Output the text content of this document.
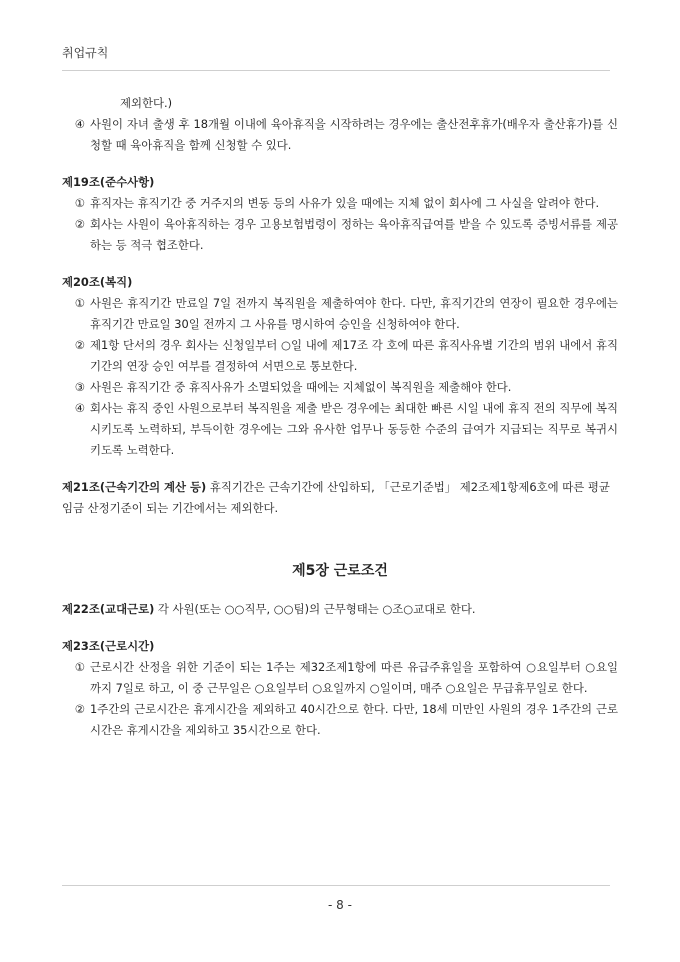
취업규칙
제외한다.)
④ 사원이 자녀 출생 후 18개월 이내에 육아휴직을 시작하려는 경우에는 출산전후휴가(배우자 출산휴가)를 신청할 때 육아휴직을 함께 신청할 수 있다.
제19조(준수사항)
① 휴직자는 휴직기간 중 거주지의 변동 등의 사유가 있을 때에는 지체 없이 회사에 그 사실을 알려야 한다.
② 회사는 사원이 육아휴직하는 경우 고용보험법령이 정하는 육아휴직급여를 받을 수 있도록 증빙서류를 제공하는 등 적극 협조한다.
제20조(복직)
① 사원은 휴직기간 만료일 7일 전까지 복직원을 제출하여야 한다. 다만, 휴직기간의 연장이 필요한 경우에는 휴직기간 만료일 30일 전까지 그 사유를 명시하여 승인을 신청하여야 한다.
② 제1항 단서의 경우 회사는 신청일부터 ○일 내에 제17조 각 호에 따른 휴직사유별 기간의 범위 내에서 휴직기간의 연장 승인 여부를 결정하여 서면으로 통보한다.
③ 사원은 휴직기간 중 휴직사유가 소멸되었을 때에는 지체없이 복직원을 제출해야 한다.
④ 회사는 휴직 중인 사원으로부터 복직원을 제출 받은 경우에는 최대한 빠른 시일 내에 휴직 전의 직무에 복직시키도록 노력하되, 부득이한 경우에는 그와 유사한 업무나 동등한 수준의 급여가 지급되는 직무로 복귀시키도록 노력한다.
제21조(근속기간의 계산 등) 휴직기간은 근속기간에 산입하되, 「근로기준법」 제2조제1항제6호에 따른 평균임금 산정기준이 되는 기간에서는 제외한다.
제5장 근로조건
제22조(교대근로) 각 사원(또는 ○○직무, ○○팀)의 근무형태는 ○조○교대로 한다.
제23조(근로시간)
① 근로시간 산정을 위한 기준이 되는 1주는 제32조제1항에 따른 유급주휴일을 포함하여 ○요일부터 ○요일까지 7일로 하고, 이 중 근무일은 ○요일부터 ○요일까지 ○일이며, 매주 ○요일은 무급휴무일로 한다.
② 1주간의 근로시간은 휴게시간을 제외하고 40시간으로 한다. 다만, 18세 미만인 사원의 경우 1주간의 근로시간은 휴게시간을 제외하고 35시간으로 한다.
- 8 -
